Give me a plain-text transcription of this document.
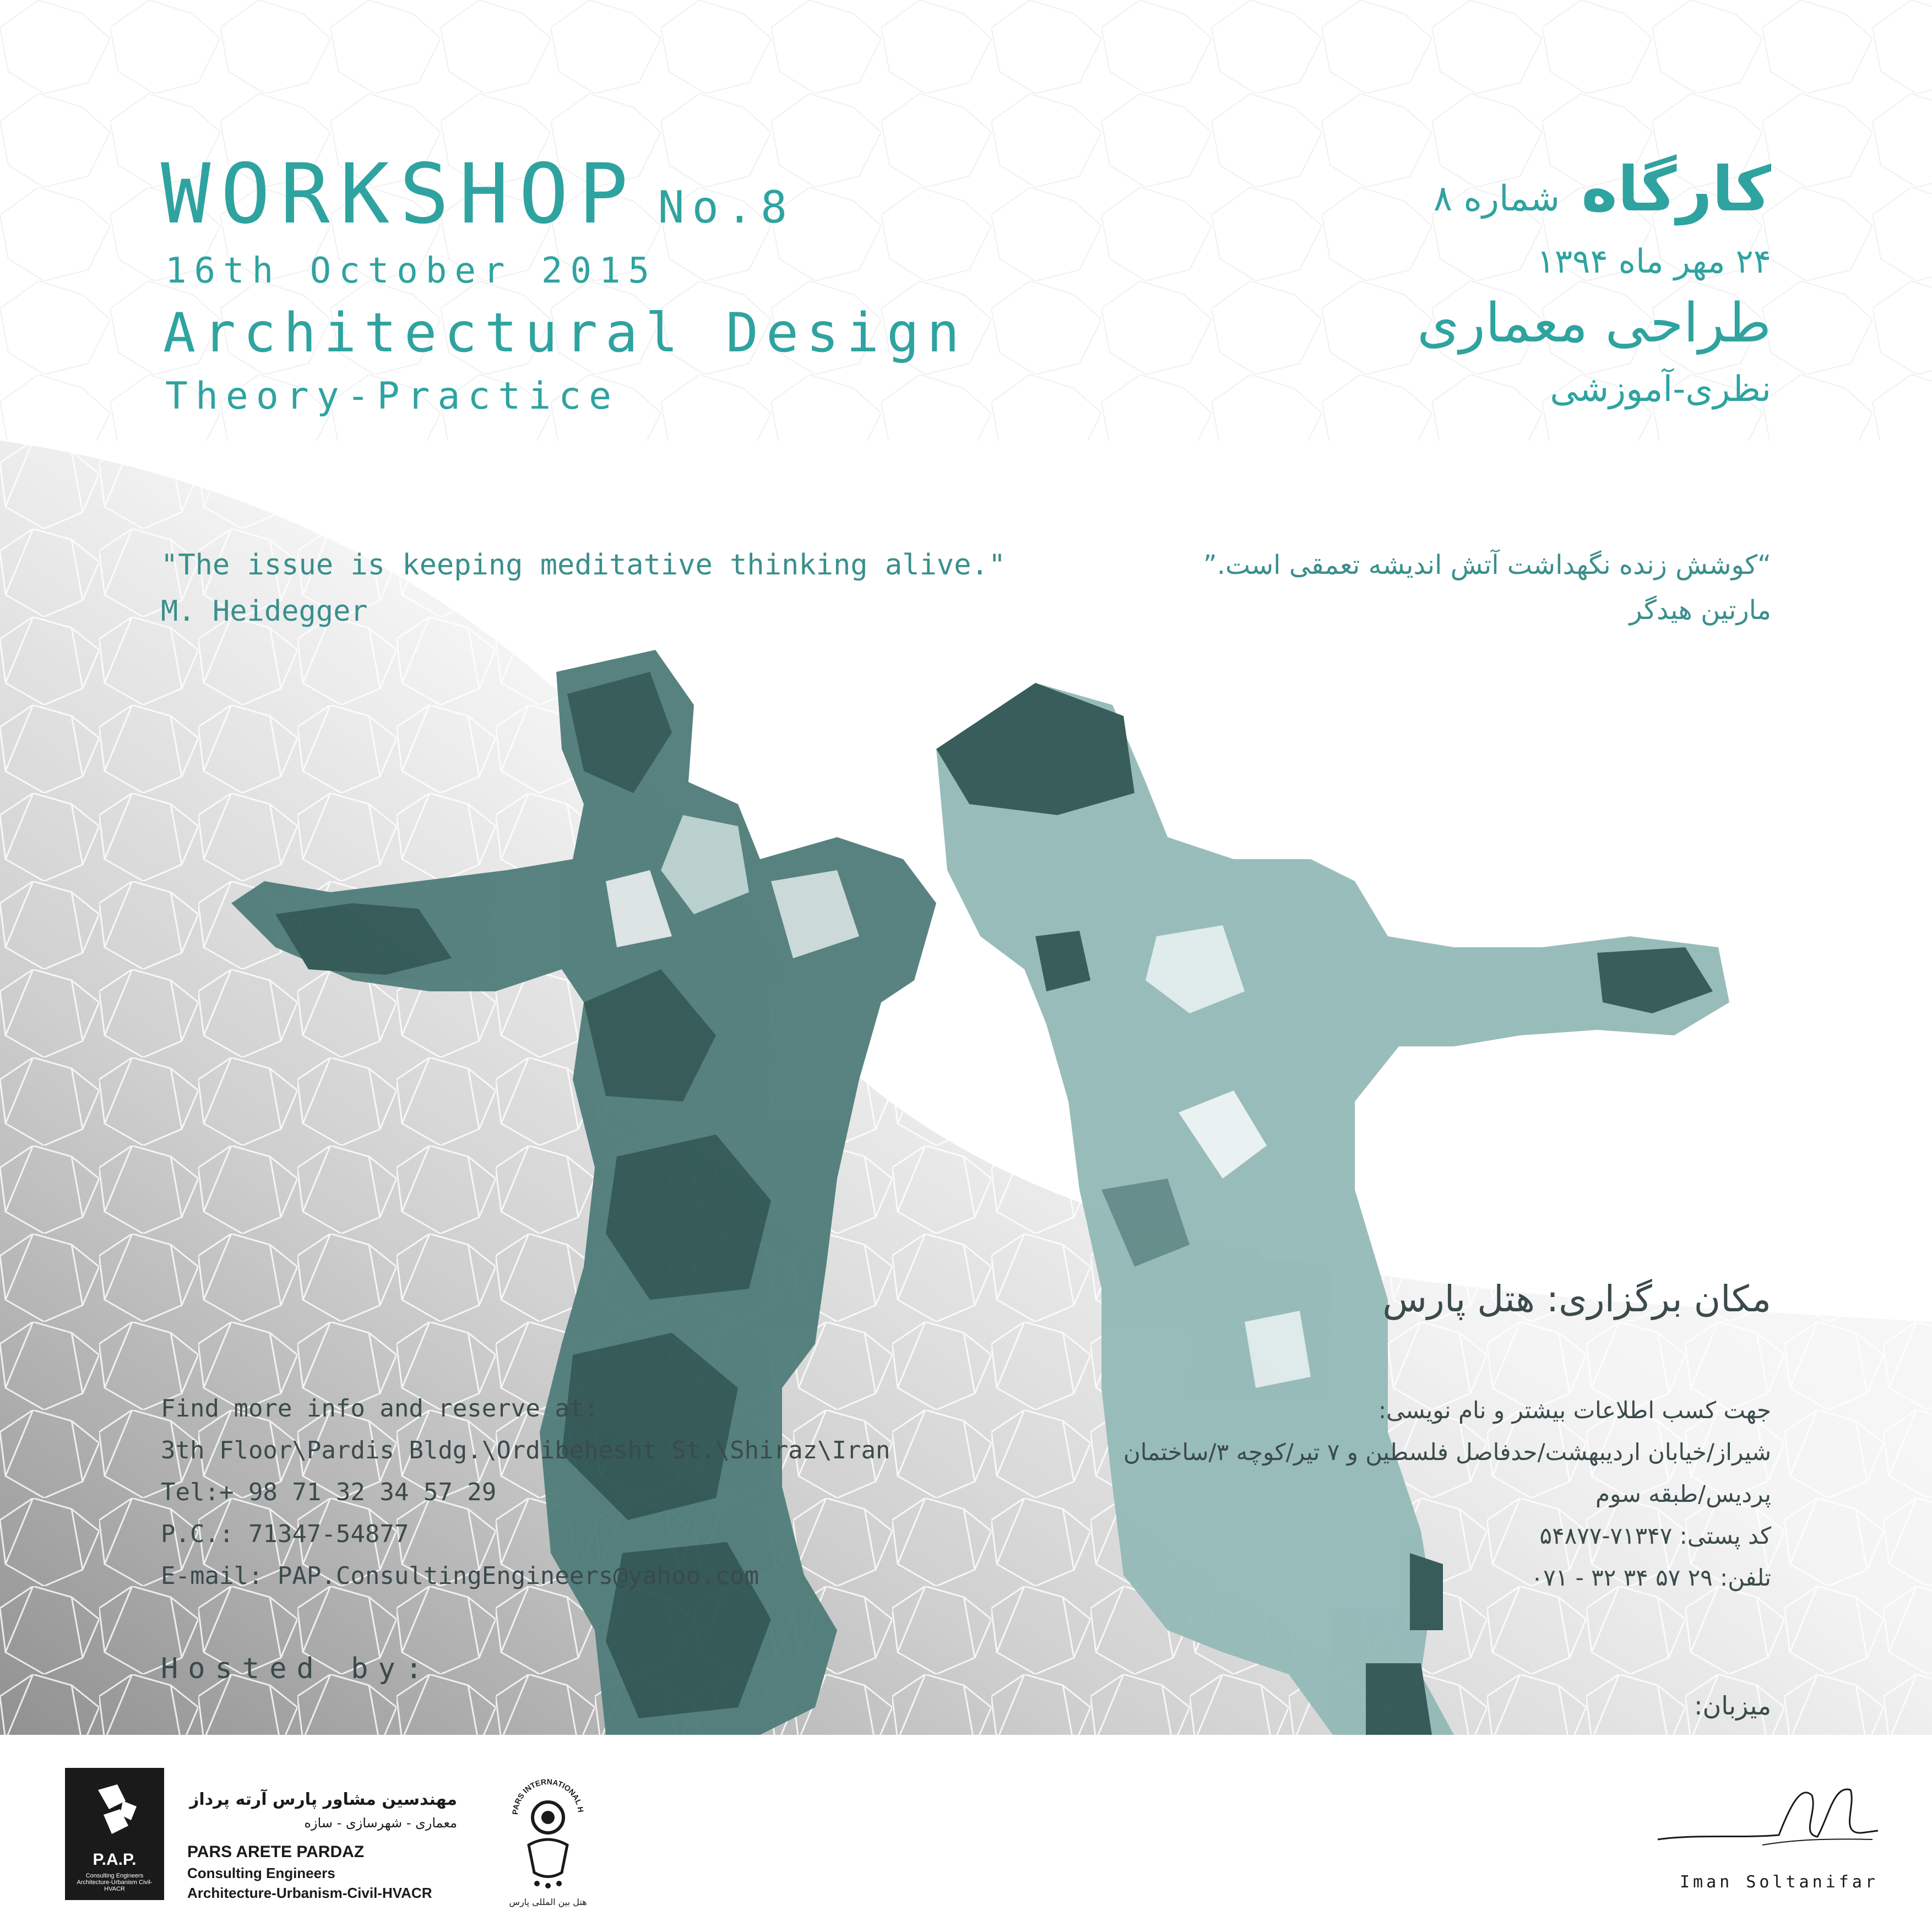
WORKSHOP No.8
16th October 2015
Architectural Design
Theory-Practice
کارگاه شماره ۸
۲۴ مهر ماه ۱۳۹۴
طراحی معماری
نظری-آموزشی
"The issue is keeping meditative thinking alive."
M. Heidegger
“کوشش زنده نگهداشت آتش اندیشه تعمقی است.”
مارتین هیدگر
مکان برگزاری: هتل پارس
Find more info and reserve at:
3th Floor\Pardis Bldg.\Ordibehesht St.\Shiraz\Iran
Tel:+ 98 71 32 34 57 29
P.C.: 71347-54877
E-mail: PAP.ConsultingEngineers@yahoo.com
Hosted by:
جهت کسب اطلاعات بیشتر و نام نویسی:
شیراز/خیابان اردیبهشت/حدفاصل فلسطین و ۷ تیر/کوچه ۳/ساختمان
پردیس/طبقه سوم
کد پستی: ۷۱۳۴۷-۵۴۸۷۷
تلفن: ۲۹ ۵۷ ۳۴ ۳۲ - ۰۷۱
میزبان:
P.A.P.
Consulting Engineers Architecture-Urbanism Civil-HVACR
مهندسین مشاور پارس آرته پرداز
معماری - شهرسازی - سازه
PARS ARETE PARDAZ
Consulting Engineers
Architecture-Urbanism-Civil-HVACR
PARS INTERNATIONAL H
هتل بین المللی پارس
Iman Soltanifar
